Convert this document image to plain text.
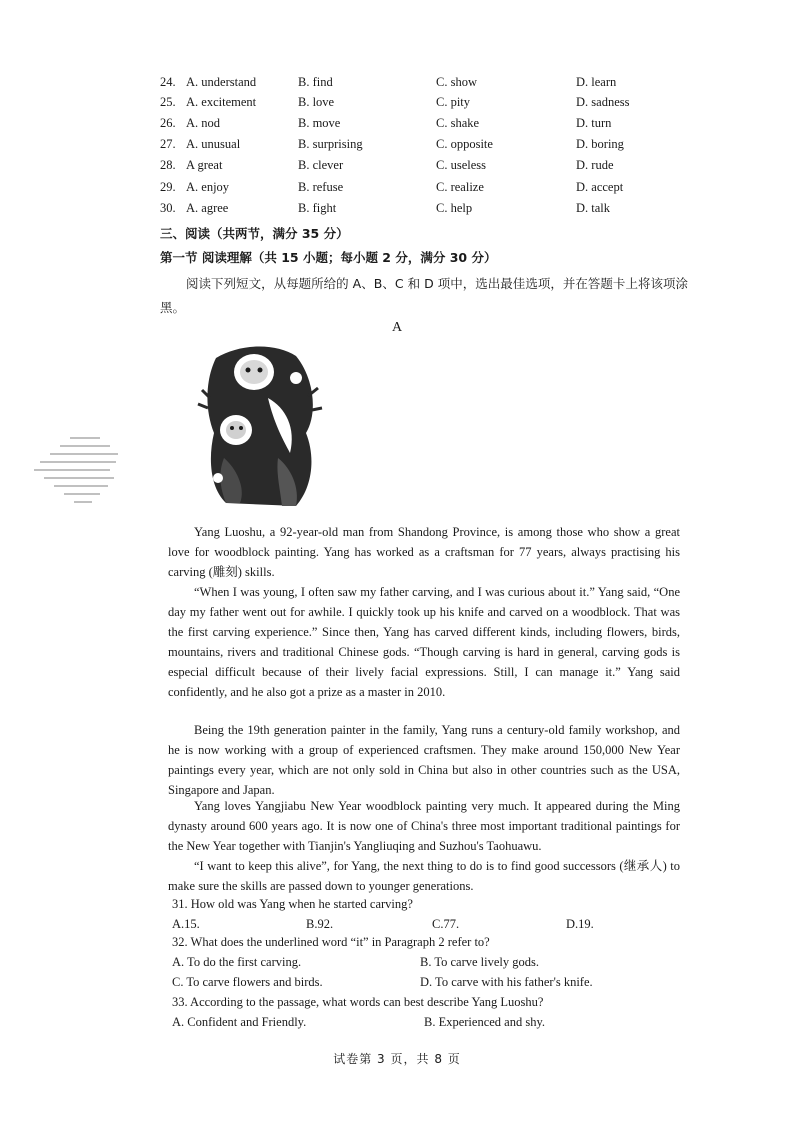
24. A. understand	B. find	C. show	D. learn
25. A. excitement	B. love	C. pity	D. sadness
26. A. nod	B. move	C. shake	D. turn
27. A. unusual	B. surprising	C. opposite	D. boring
28. A great	B. clever	C. useless	D. rude
29. A. enjoy	B. refuse	C. realize	D. accept
30. A. agree	B. fight	C. help	D. talk
三、阅读（共两节，满分 35 分）
第一节 阅读理解（共 15 小题；每小题 2 分，满分 30 分）
阅读下列短文，从每题所给的 A、B、C 和 D 项中，选出最佳选项，并在答题卡上将该项涂黑。
A
Yang Luoshu, a 92-year-old man from Shandong Province, is among those who show a great love for woodblock painting. Yang has worked as a craftsman for 77 years, always practising his carving (雕刻) skills.
“When I was young, I often saw my father carving, and I was curious about it.” Yang said, “One day my father went out for awhile. I quickly took up his knife and carved on a woodblock. That was the first carving experience.” Since then, Yang has carved different kinds, including flowers, birds, mountains, rivers and traditional Chinese gods. “Though carving is hard in general, carving gods is especial difficult because of their lively facial expressions. Still, I can manage it.” Yang said confidently, and he also got a prize as a master in 2010.
Being the 19th generation painter in the family, Yang runs a century-old family workshop, and he is now working with a group of experienced craftsmen. They make around 150,000 New Year paintings every year, which are not only sold in China but also in other countries such as the USA, Singapore and Japan.
Yang loves Yangjiabu New Year woodblock painting very much. It appeared during the Ming dynasty around 600 years ago. It is now one of China's three most important traditional paintings for the New Year together with Tianjin's Yangliuqing and Suzhou's Taohuawu.
“I want to keep this alive”, for Yang, the next thing to do is to find good successors (继承人) to make sure the skills are passed down to younger generations.
31. How old was Yang when he started carving?
A.15.	B.92.	C.77.	D.19.
32. What does the underlined word “it” in Paragraph 2 refer to?
A. To do the first carving.	B. To carve lively gods.
C. To carve flowers and birds.	D. To carve with his father's knife.
33. According to the passage, what words can best describe Yang Luoshu?
A. Confident and Friendly.	B. Experienced and shy.
试卷第 3 页，共 8 页
